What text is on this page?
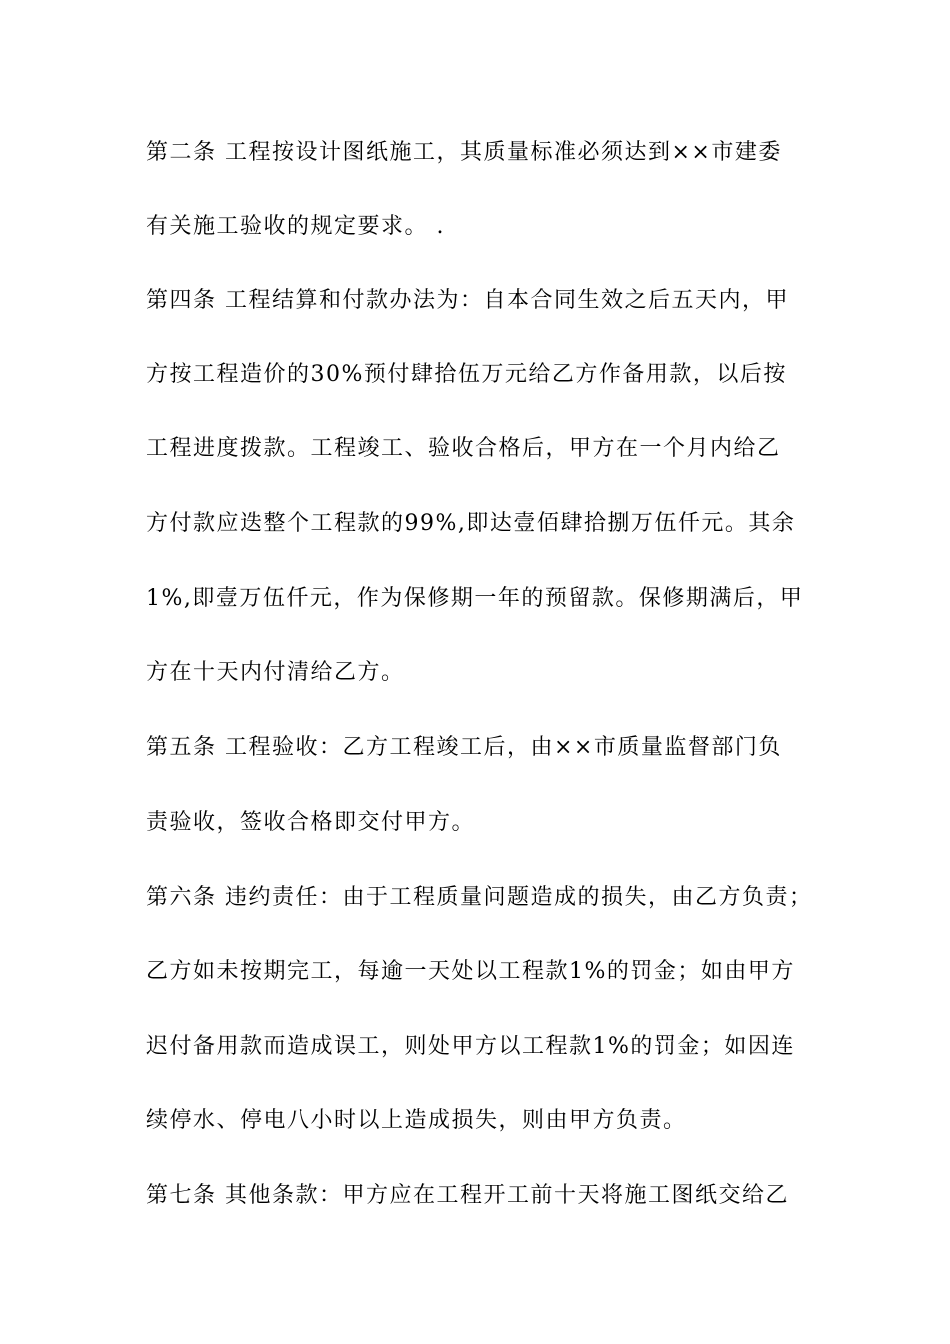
第二条 工程按设计图纸施工，其质量标准必须达到××市建委
有关施工验收的规定要求。 .
第四条 工程结算和付款办法为：自本合同生效之后五天内，甲
方按工程造价的30%预付肆拾伍万元给乙方作备用款，以后按
工程进度拨款。工程竣工、验收合格后，甲方在一个月内给乙
方付款应迭整个工程款的99%,即达壹佰肆拾捌万伍仟元。其余
1%,即壹万伍仟元，作为保修期一年的预留款。保修期满后，甲
方在十天内付清给乙方。
第五条 工程验收：乙方工程竣工后，由××市质量监督部门负
责验收，签收合格即交付甲方。
第六条 违约责任：由于工程质量问题造成的损失，由乙方负责；
乙方如未按期完工，每逾一天处以工程款1%的罚金；如由甲方
迟付备用款而造成误工，则处甲方以工程款1%的罚金；如因连
续停水、停电八小时以上造成损失，则由甲方负责。
第七条 其他条款：甲方应在工程开工前十天将施工图纸交给乙
